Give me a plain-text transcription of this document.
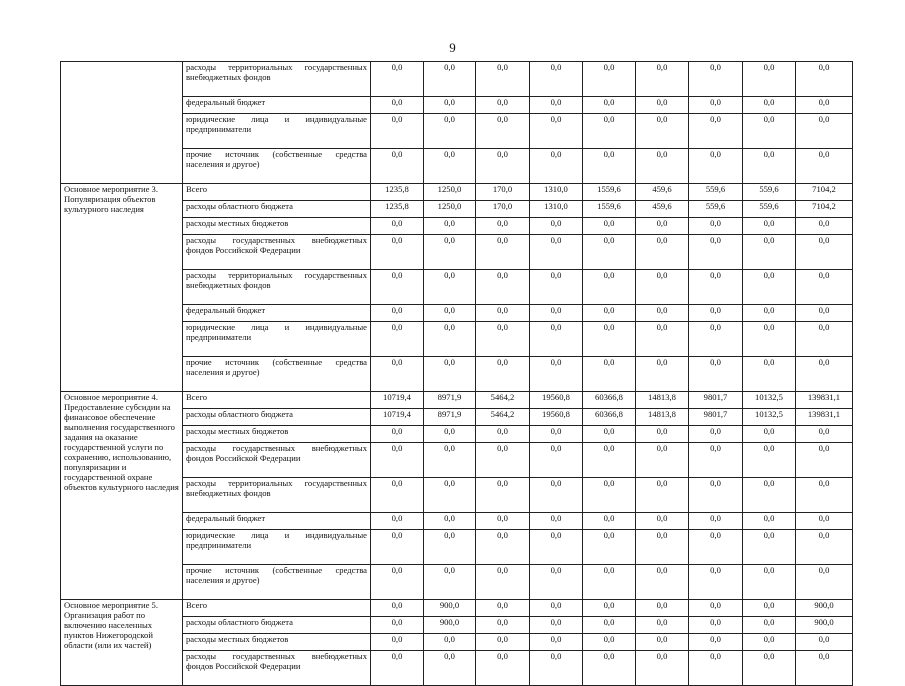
9
	расходы территориальных государственных внебюджетных фондов	0,0	0,0	0,0	0,0	0,0	0,0	0,0	0,0	0,0
	федеральный бюджет	0,0	0,0	0,0	0,0	0,0	0,0	0,0	0,0	0,0
	юридические лица и индивидуальные предприниматели	0,0	0,0	0,0	0,0	0,0	0,0	0,0	0,0	0,0
	прочие источник (собственные средства населения и другое)	0,0	0,0	0,0	0,0	0,0	0,0	0,0	0,0	0,0
Основное мероприятие 3. Популяризация объектов культурного наследия	Всего	1235,8	1250,0	170,0	1310,0	1559,6	459,6	559,6	559,6	7104,2
	расходы областного бюджета	1235,8	1250,0	170,0	1310,0	1559,6	459,6	559,6	559,6	7104,2
	расходы местных бюджетов	0,0	0,0	0,0	0,0	0,0	0,0	0,0	0,0	0,0
	расходы государственных внебюджетных фондов Российской Федерации	0,0	0,0	0,0	0,0	0,0	0,0	0,0	0,0	0,0
	расходы территориальных государственных внебюджетных фондов	0,0	0,0	0,0	0,0	0,0	0,0	0,0	0,0	0,0
	федеральный бюджет	0,0	0,0	0,0	0,0	0,0	0,0	0,0	0,0	0,0
	юридические лица и индивидуальные предприниматели	0,0	0,0	0,0	0,0	0,0	0,0	0,0	0,0	0,0
	прочие источник (собственные средства населения и другое)	0,0	0,0	0,0	0,0	0,0	0,0	0,0	0,0	0,0
Основное мероприятие 4. Предоставление субсидии на финансовое обеспечение выполнения государственного задания на оказание государственной услуги по сохранению, использованию, популяризации и государственной охране объектов культурного наследия	Всего	10719,4	8971,9	5464,2	19560,8	60366,8	14813,8	9801,7	10132,5	139831,1
	расходы областного бюджета	10719,4	8971,9	5464,2	19560,8	60366,8	14813,8	9801,7	10132,5	139831,1
	расходы местных бюджетов	0,0	0,0	0,0	0,0	0,0	0,0	0,0	0,0	0,0
	расходы государственных внебюджетных фондов Российской Федерации	0,0	0,0	0,0	0,0	0,0	0,0	0,0	0,0	0,0
	расходы территориальных государственных внебюджетных фондов	0,0	0,0	0,0	0,0	0,0	0,0	0,0	0,0	0,0
	федеральный бюджет	0,0	0,0	0,0	0,0	0,0	0,0	0,0	0,0	0,0
	юридические лица и индивидуальные предприниматели	0,0	0,0	0,0	0,0	0,0	0,0	0,0	0,0	0,0
	прочие источник (собственные средства населения и другое)	0,0	0,0	0,0	0,0	0,0	0,0	0,0	0,0	0,0
Основное мероприятие 5. Организация работ по включению населенных пунктов Нижегородской области (или их частей)	Всего	0,0	900,0	0,0	0,0	0,0	0,0	0,0	0,0	900,0
	расходы областного бюджета	0,0	900,0	0,0	0,0	0,0	0,0	0,0	0,0	900,0
	расходы местных бюджетов	0,0	0,0	0,0	0,0	0,0	0,0	0,0	0,0	0,0
	расходы государственных внебюджетных фондов Российской Федерации	0,0	0,0	0,0	0,0	0,0	0,0	0,0	0,0	0,0
